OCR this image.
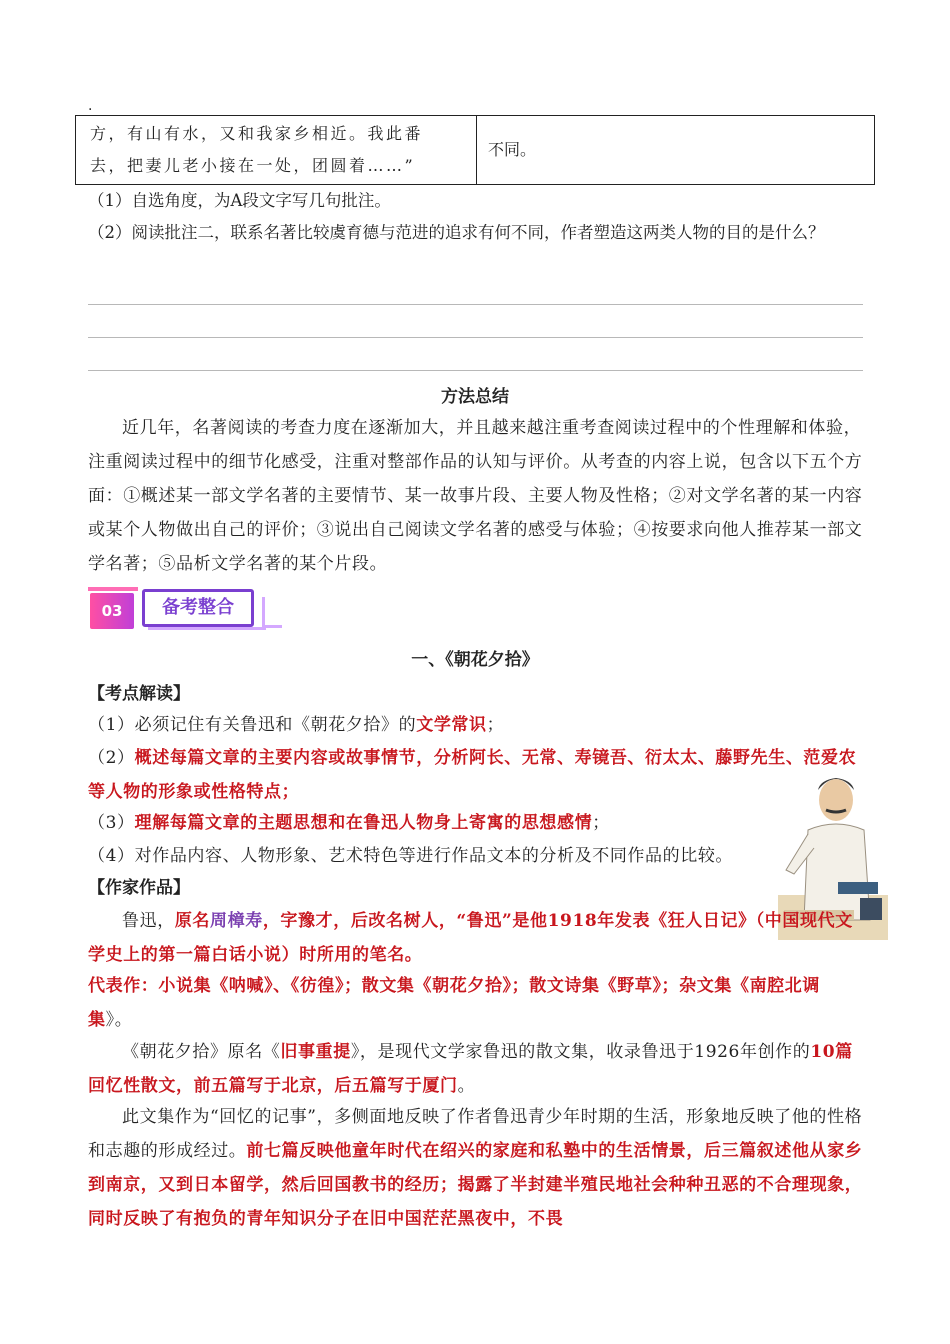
·
方，有山有水，又和我家乡相近。我此番
去，把妻儿老小接在一处，团圆着……”
不同。
（1）自选角度，为A段文字写几句批注。
（2）阅读批注二，联系名著比较虞育德与范进的追求有何不同，作者塑造这两类人物的目的是什么？
方法总结
近几年，名著阅读的考查力度在逐渐加大，并且越来越注重考查阅读过程中的个性理解和体验，注重阅读过程中的细节化感受，注重对整部作品的认知与评价。从考查的内容上说，包含以下五个方面：①概述某一部文学名著的主要情节、某一故事片段、主要人物及性格；②对文学名著的某一内容或某个人物做出自己的评价；③说出自己阅读文学名著的感受与体验；④按要求向他人推荐某一部文学名著；⑤品析文学名著的某个片段。
03	备考整合
一、《朝花夕拾》
【考点解读】
（1）必须记住有关鲁迅和《朝花夕拾》的文学常识；
（2）概述每篇文章的主要内容或故事情节，分析阿长、无常、寿镜吾、衍太太、藤野先生、范爱农等人物的形象或性格特点；
（3）理解每篇文章的主题思想和在鲁迅人物身上寄寓的思想感情；
（4）对作品内容、人物形象、艺术特色等进行作品文本的分析及不同作品的比较。
【作家作品】
鲁迅，原名周樟寿，字豫才，后改名树人，“鲁迅”是他1918年发表《狂人日记》（中国现代文学史上的第一篇白话小说）时所用的笔名。
代表作：小说集《呐喊》、《彷徨》；散文集《朝花夕拾》；散文诗集《野草》；杂文集《南腔北调集》。
《朝花夕拾》原名《旧事重提》，是现代文学家鲁迅的散文集，收录鲁迅于1926年创作的10篇回忆性散文，前五篇写于北京，后五篇写于厦门。
此文集作为“回忆的记事”，多侧面地反映了作者鲁迅青少年时期的生活，形象地反映了他的性格和志趣的形成经过。前七篇反映他童年时代在绍兴的家庭和私塾中的生活情景，后三篇叙述他从家乡到南京，又到日本留学，然后回国教书的经历；揭露了半封建半殖民地社会种种丑恶的不合理现象，同时反映了有抱负的青年知识分子在旧中国茫茫黑夜中，不畏
